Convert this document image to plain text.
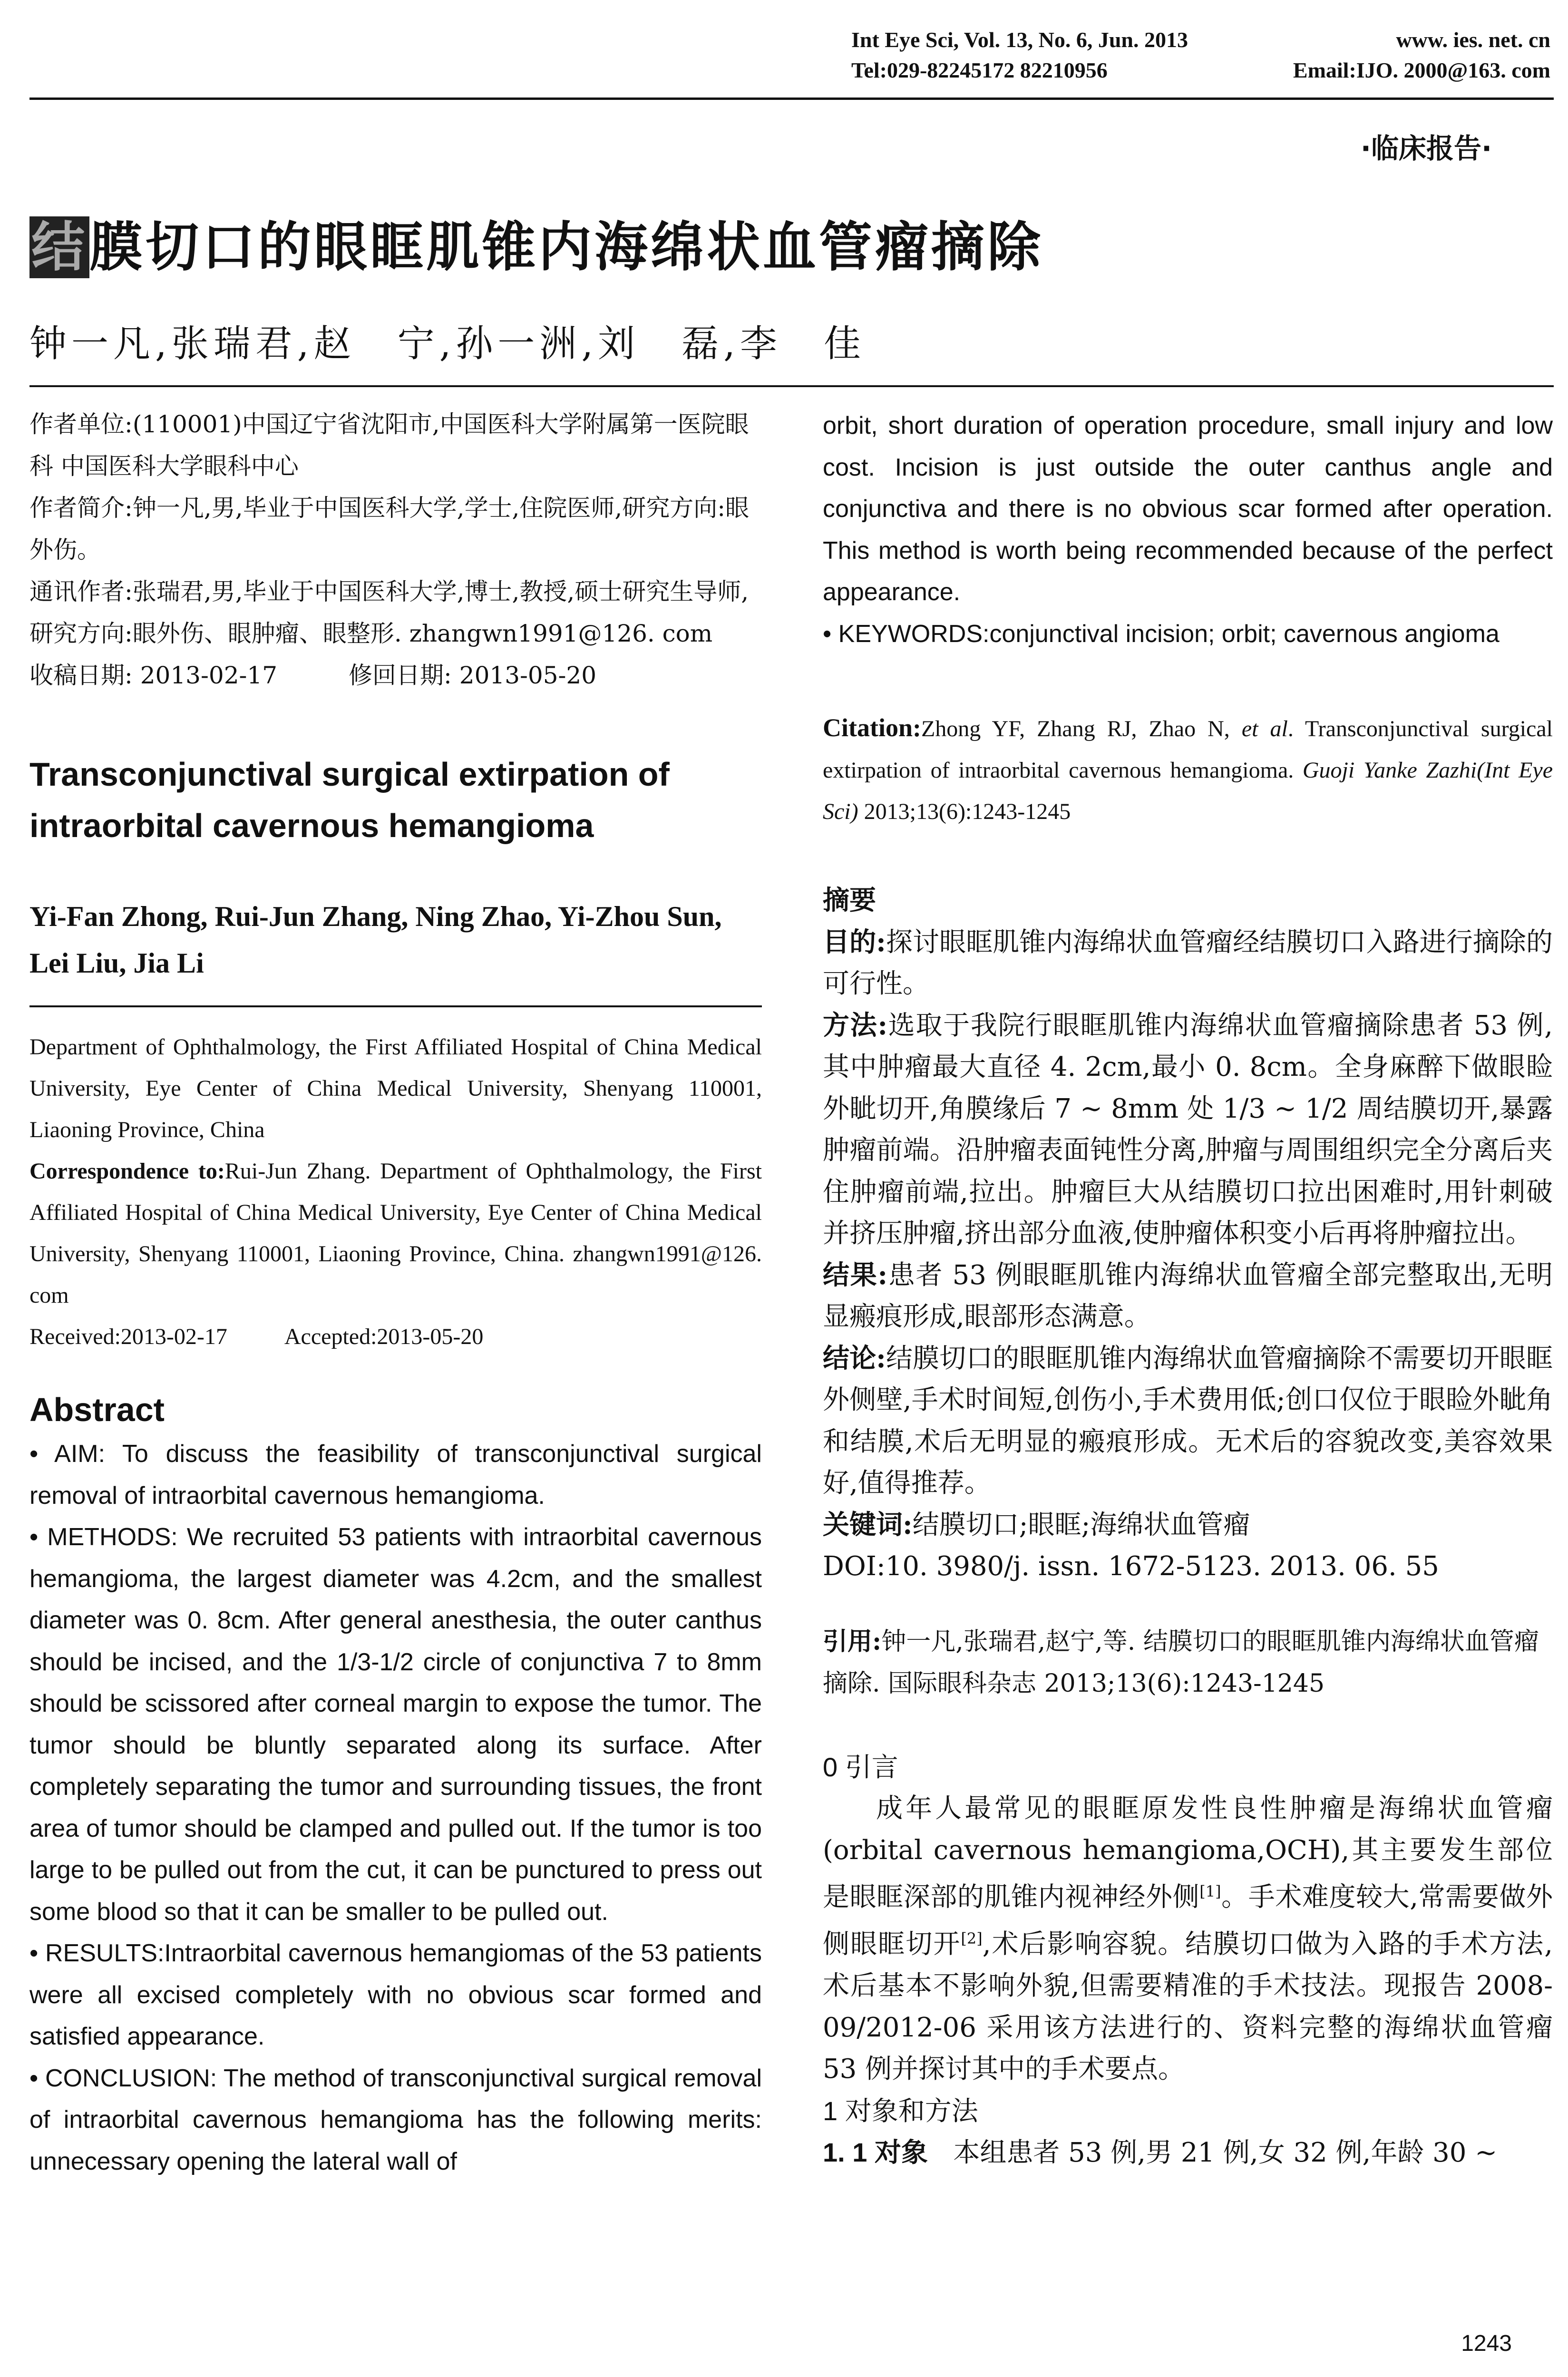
Int Eye Sci, Vol. 13, No. 6, Jun. 2013	www. ies. net. cn
Tel:029-82245172 82210956	Email:IJO. 2000@163. com
·临床报告·
结膜切口的眼眶肌锥内海绵状血管瘤摘除
钟一凡,张瑞君,赵　宁,孙一洲,刘　磊,李　佳

作者单位:(110001)中国辽宁省沈阳市,中国医科大学附属第一医院眼科 中国医科大学眼科中心

作者简介:钟一凡,男,毕业于中国医科大学,学士,住院医师,研究方向:眼外伤。

通讯作者:张瑞君,男,毕业于中国医科大学,博士,教授,硕士研究生导师,研究方向:眼外伤、眼肿瘤、眼整形. zhangwn1991@126. com

收稿日期: 2013-02-17　　　修回日期: 2013-05-20

Transconjunctival surgical extirpation of intraorbital cavernous hemangioma
Yi-Fan Zhong, Rui-Jun Zhang, Ning Zhao, Yi-Zhou Sun, Lei Liu, Jia Li

Department of Ophthalmology, the First Affiliated Hospital of China Medical University, Eye Center of China Medical University, Shenyang 110001, Liaoning Province, China

Correspondence to:Rui-Jun Zhang. Department of Ophthalmology, the First Affiliated Hospital of China Medical University, Eye Center of China Medical University, Shenyang 110001, Liaoning Province, China. zhangwn1991@126. com

Received:2013-02-17	Accepted:2013-05-20

Abstract

• AIM: To discuss the feasibility of transconjunctival surgical removal of intraorbital cavernous hemangioma.

• METHODS: We recruited 53 patients with intraorbital cavernous hemangioma, the largest diameter was 4.2cm, and the smallest diameter was 0. 8cm. After general anesthesia, the outer canthus should be incised, and the 1/3-1/2 circle of conjunctiva 7 to 8mm should be scissored after corneal margin to expose the tumor. The tumor should be bluntly separated along its surface. After completely separating the tumor and surrounding tissues, the front area of tumor should be clamped and pulled out. If the tumor is too large to be pulled out from the cut, it can be punctured to press out some blood so that it can be smaller to be pulled out.

• RESULTS:Intraorbital cavernous hemangiomas of the 53 patients were all excised completely with no obvious scar formed and satisfied appearance.

• CONCLUSION: The method of transconjunctival surgical removal of intraorbital cavernous hemangioma has the following merits: unnecessary opening the lateral wall of

orbit, short duration of operation procedure, small injury and low cost. Incision is just outside the outer canthus angle and conjunctiva and there is no obvious scar formed after operation. This method is worth being recommended because of the perfect appearance.

• KEYWORDS:conjunctival incision; orbit; cavernous angioma

Citation:Zhong YF, Zhang RJ, Zhao N, et al. Transconjunctival surgical extirpation of intraorbital cavernous hemangioma. Guoji Yanke Zazhi(Int Eye Sci) 2013;13(6):1243-1245

摘要

目的:探讨眼眶肌锥内海绵状血管瘤经结膜切口入路进行摘除的可行性。

方法:选取于我院行眼眶肌锥内海绵状血管瘤摘除患者 53 例,其中肿瘤最大直径 4. 2cm,最小 0. 8cm。全身麻醉下做眼睑外眦切开,角膜缘后 7 ~ 8mm 处 1/3 ~ 1/2 周结膜切开,暴露肿瘤前端。沿肿瘤表面钝性分离,肿瘤与周围组织完全分离后夹住肿瘤前端,拉出。肿瘤巨大从结膜切口拉出困难时,用针刺破并挤压肿瘤,挤出部分血液,使肿瘤体积变小后再将肿瘤拉出。

结果:患者 53 例眼眶肌锥内海绵状血管瘤全部完整取出,无明显瘢痕形成,眼部形态满意。

结论:结膜切口的眼眶肌锥内海绵状血管瘤摘除不需要切开眼眶外侧壁,手术时间短,创伤小,手术费用低;创口仅位于眼睑外眦角和结膜,术后无明显的瘢痕形成。无术后的容貌改变,美容效果好,值得推荐。

关键词:结膜切口;眼眶;海绵状血管瘤

DOI:10. 3980/j. issn. 1672-5123. 2013. 06. 55

引用:钟一凡,张瑞君,赵宁,等. 结膜切口的眼眶肌锥内海绵状血管瘤摘除. 国际眼科杂志 2013;13(6):1243-1245

0 引言

成年人最常见的眼眶原发性良性肿瘤是海绵状血管瘤(orbital cavernous hemangioma,OCH),其主要发生部位是眼眶深部的肌锥内视神经外侧[1]。手术难度较大,常需要做外侧眼眶切开[2],术后影响容貌。结膜切口做为入路的手术方法,术后基本不影响外貌,但需要精准的手术技法。现报告 2008-09/2012-06 采用该方法进行的、资料完整的海绵状血管瘤 53 例并探讨其中的手术要点。

1 对象和方法

1. 1 对象 本组患者 53 例,男 21 例,女 32 例,年龄 30 ~

1243
